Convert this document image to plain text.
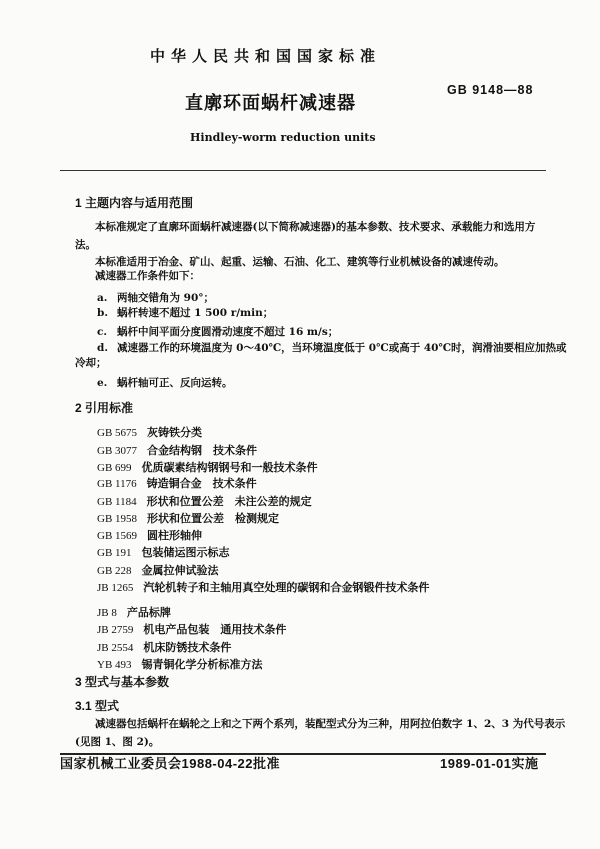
中华人民共和国国家标准
GB 9148—88
直廓环面蜗杆减速器
Hindley-worm reduction units
1 主题内容与适用范围
本标准规定了直廓环面蜗杆减速器(以下简称减速器)的基本参数、技术要求、承载能力和选用方
法。
本标准适用于冶金、矿山、起重、运输、石油、化工、建筑等行业机械设备的减速传动。
减速器工作条件如下：
a. 两轴交错角为 90°；
b. 蜗杆转速不超过 1 500 r/min；
c. 蜗杆中间平面分度圆滑动速度不超过 16 m/s；
d. 减速器工作的环境温度为 0～40℃，当环境温度低于 0℃或高于 40℃时，润滑油要相应加热或
冷却；
e. 蜗杆轴可正、反向运转。
2 引用标准
GB 5675 灰铸铁分类
GB 3077 合金结构钢　技术条件
GB 699 优质碳素结构钢钢号和一般技术条件
GB 1176 铸造铜合金　技术条件
GB 1184 形状和位置公差　未注公差的规定
GB 1958 形状和位置公差　检测规定
GB 1569 圆柱形轴伸
GB 191 包装储运图示标志
GB 228 金属拉伸试验法
JB 1265 汽轮机转子和主轴用真空处理的碳钢和合金钢锻件技术条件
JB 8 产品标牌
JB 2759 机电产品包装　通用技术条件
JB 2554 机床防锈技术条件
YB 493 锡青铜化学分析标准方法
3 型式与基本参数
3.1 型式
减速器包括蜗杆在蜗轮之上和之下两个系列，装配型式分为三种，用阿拉伯数字 1、2、3 为代号表示
(见图 1、图 2)。
国家机械工业委员会1988-04-22批准	1989-01-01实施
